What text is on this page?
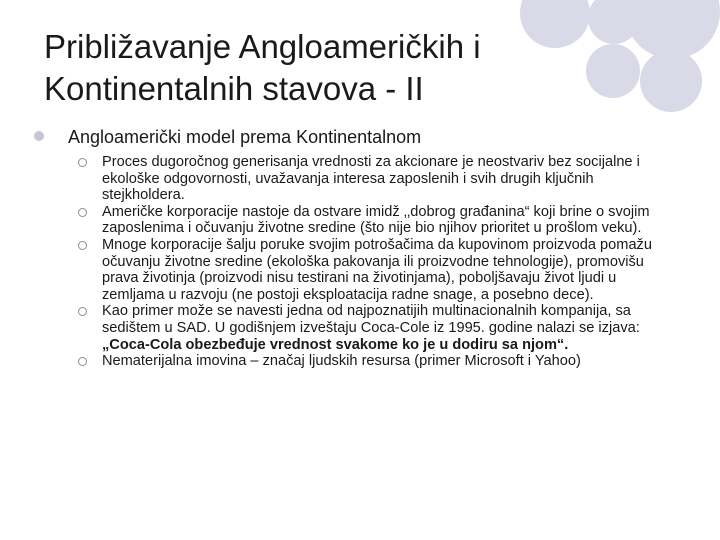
Približavanje Angloameričkih i
Kontinentalnih stavova - II
Angloamerički model prema Kontinentalnom
Proces dugoročnog generisanja vrednosti za akcionare je neostvariv bez socijalne i ekološke odgovornosti, uvažavanja interesa zaposlenih i svih drugih ključnih stejkholdera.
Američke korporacije nastoje da ostvare imidž ‚‚dobrog građanina“ koji brine o svojim zaposlenima i očuvanju životne sredine (što nije bio njihov prioritet u prošlom veku).
Mnoge korporacije šalju poruke svojim potrošačima da kupovinom proizvoda pomažu očuvanju životne sredine (ekološka pakovanja ili proizvodne tehnologije), promovišu prava životinja (proizvodi nisu testirani na životinjama), poboljšavaju život ljudi u zemljama u razvoju (ne postoji eksploatacija radne snage, a posebno dece).
Kao primer može se navesti jedna od najpoznatijih multinacionalnih kompanija, sa sedištem u SAD. U godišnjem izveštaju Coca-Cole iz 1995. godine nalazi se izjava: „Coca-Cola obezbeđuje vrednost svakome ko je u dodiru sa njom“.
Nematerijalna imovina – značaj ljudskih resursa (primer Microsoft i Yahoo)
